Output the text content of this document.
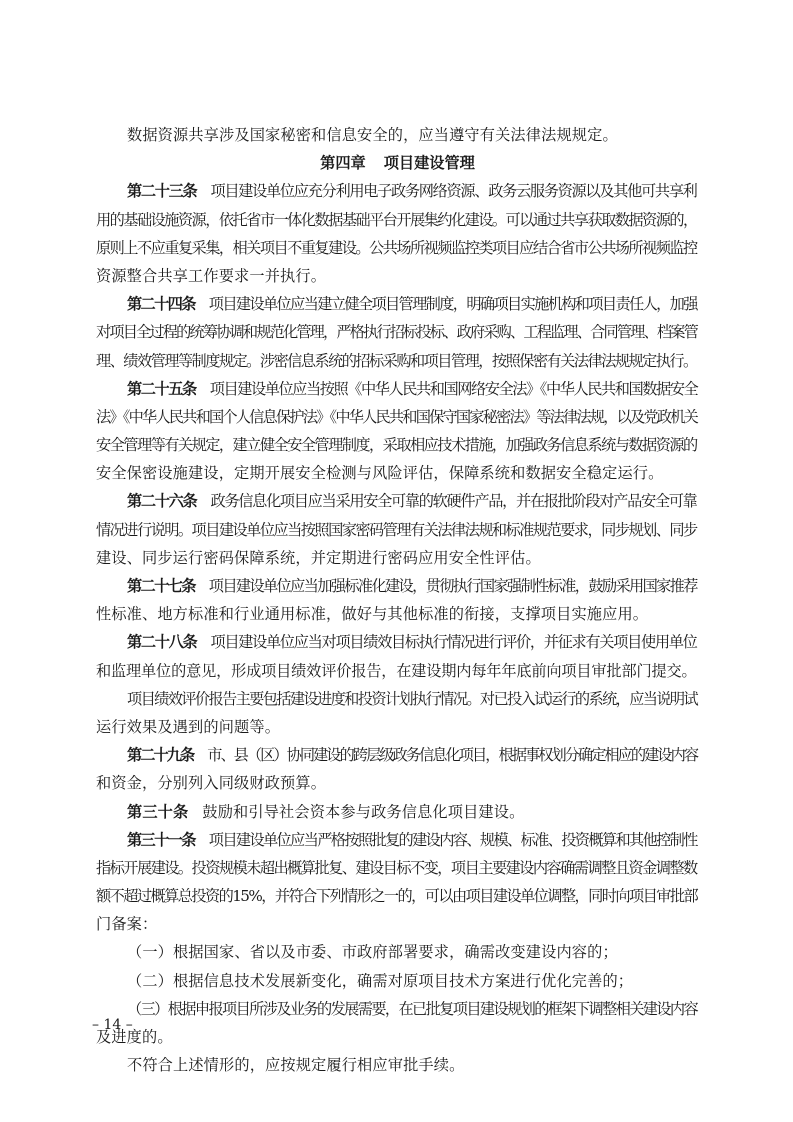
数据资源共享涉及国家秘密和信息安全的，应当遵守有关法律法规规定。
第四章 项目建设管理
第二十三条 项目建设单位应充分利用电子政务网络资源、政务云服务资源以及其他可共享利
用的基础设施资源，依托省市一体化数据基础平台开展集约化建设。可以通过共享获取数据资源的，
原则上不应重复采集，相关项目不重复建设。公共场所视频监控类项目应结合省市公共场所视频监控
资源整合共享工作要求一并执行。
第二十四条 项目建设单位应当建立健全项目管理制度，明确项目实施机构和项目责任人，加强
对项目全过程的统筹协调和规范化管理，严格执行招标投标、政府采购、工程监理、合同管理、档案管
理、绩效管理等制度规定。涉密信息系统的招标采购和项目管理，按照保密有关法律法规规定执行。
第二十五条 项目建设单位应当按照《中华人民共和国网络安全法》《中华人民共和国数据安全
法》《中华人民共和国个人信息保护法》《中华人民共和国保守国家秘密法》等法律法规，以及党政机关
安全管理等有关规定，建立健全安全管理制度，采取相应技术措施，加强政务信息系统与数据资源的
安全保密设施建设，定期开展安全检测与风险评估，保障系统和数据安全稳定运行。
第二十六条 政务信息化项目应当采用安全可靠的软硬件产品，并在报批阶段对产品安全可靠
情况进行说明。项目建设单位应当按照国家密码管理有关法律法规和标准规范要求，同步规划、同步
建设、同步运行密码保障系统，并定期进行密码应用安全性评估。
第二十七条 项目建设单位应当加强标准化建设，贯彻执行国家强制性标准，鼓励采用国家推荐
性标准、地方标准和行业通用标准，做好与其他标准的衔接，支撑项目实施应用。
第二十八条 项目建设单位应当对项目绩效目标执行情况进行评价，并征求有关项目使用单位
和监理单位的意见，形成项目绩效评价报告，在建设期内每年年底前向项目审批部门提交。
项目绩效评价报告主要包括建设进度和投资计划执行情况。对已投入试运行的系统，应当说明试
运行效果及遇到的问题等。
第二十九条 市、县（区）协同建设的跨层级政务信息化项目，根据事权划分确定相应的建设内容
和资金，分别列入同级财政预算。
第三十条 鼓励和引导社会资本参与政务信息化项目建设。
第三十一条 项目建设单位应当严格按照批复的建设内容、规模、标准、投资概算和其他控制性
指标开展建设。投资规模未超出概算批复、建设目标不变，项目主要建设内容确需调整且资金调整数
额不超过概算总投资的15%，并符合下列情形之一的，可以由项目建设单位调整，同时向项目审批部
门备案：
（一）根据国家、省以及市委、市政府部署要求，确需改变建设内容的；
（二）根据信息技术发展新变化，确需对原项目技术方案进行优化完善的；
（三）根据申报项目所涉及业务的发展需要，在已批复项目建设规划的框架下调整相关建设内容
及进度的。
不符合上述情形的，应按规定履行相应审批手续。
– 14 –
